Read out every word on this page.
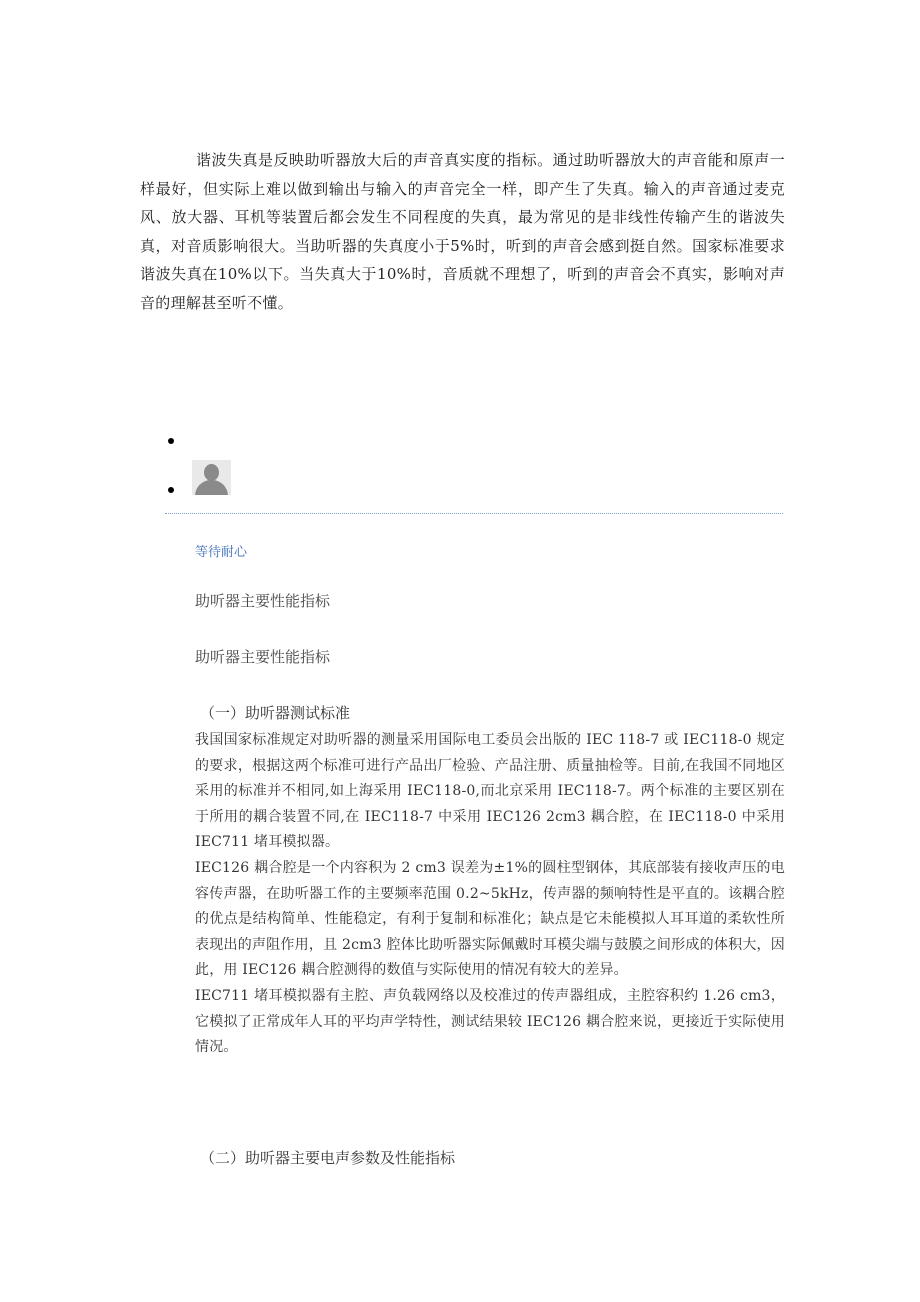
谐波失真是反映助听器放大后的声音真实度的指标。通过助听器放大的声音能和原声一样最好，但实际上难以做到输出与输入的声音完全一样，即产生了失真。输入的声音通过麦克风、放大器、耳机等装置后都会发生不同程度的失真，最为常见的是非线性传输产生的谐波失真，对音质影响很大。当助听器的失真度小于5%时，听到的声音会感到挺自然。国家标准要求谐波失真在10%以下。当失真大于10%时，音质就不理想了，听到的声音会不真实，影响对声音的理解甚至听不懂。

等待耐心

助听器主要性能指标

助听器主要性能指标

（一）助听器测试标准

我国国家标准规定对助听器的测量采用国际电工委员会出版的 IEC 118-7 或 IEC118-0 规定的要求，根据这两个标准可进行产品出厂检验、产品注册、质量抽检等。目前,在我国不同地区采用的标准并不相同,如上海采用 IEC118-0,而北京采用 IEC118-7。两个标准的主要区别在于所用的耦合装置不同,在 IEC118-7 中采用 IEC126 2cm3 耦合腔，在 IEC118-0 中采用 IEC711 堵耳模拟器。

IEC126 耦合腔是一个内容积为 2 cm3 误差为±1%的圆柱型钢体，其底部装有接收声压的电容传声器，在助听器工作的主要频率范围 0.2~5kHz，传声器的频响特性是平直的。该耦合腔的优点是结构简单、性能稳定，有利于复制和标准化；缺点是它未能模拟人耳耳道的柔软性所表现出的声阻作用，且 2cm3 腔体比助听器实际佩戴时耳模尖端与鼓膜之间形成的体积大，因此，用 IEC126 耦合腔测得的数值与实际使用的情况有较大的差异。

IEC711 堵耳模拟器有主腔、声负载网络以及校准过的传声器组成，主腔容积约 1.26 cm3，它模拟了正常成年人耳的平均声学特性，测试结果较 IEC126 耦合腔来说，更接近于实际使用情况。

（二）助听器主要电声参数及性能指标
